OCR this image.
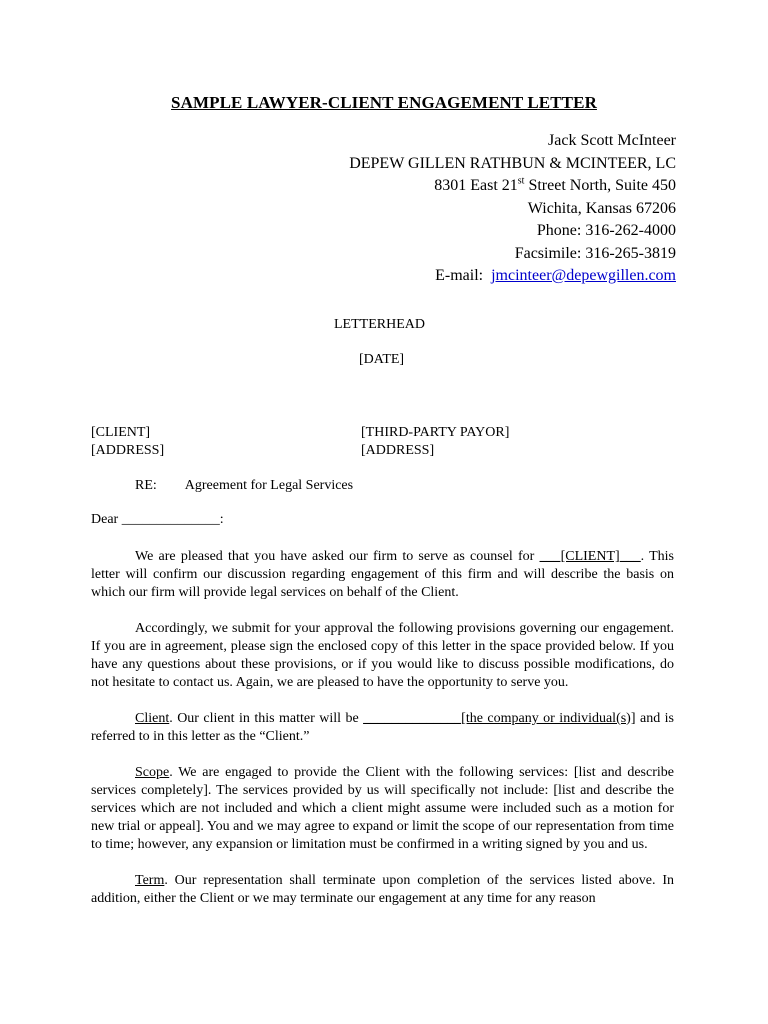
SAMPLE LAWYER-CLIENT ENGAGEMENT LETTER
Jack Scott McInteer
DEPEW GILLEN RATHBUN & MCINTEER, LC
8301 East 21st Street North, Suite 450
Wichita, Kansas 67206
Phone: 316-262-4000
Facsimile: 316-265-3819
E-mail:  jmcinteer@depewgillen.com
LETTERHEAD
[DATE]
[CLIENT]
[ADDRESS]
[THIRD-PARTY PAYOR]
[ADDRESS]
RE: Agreement for Legal Services
Dear ______________:

We are pleased that you have asked our firm to serve as counsel for ___[CLIENT]___. This letter will confirm our discussion regarding engagement of this firm and will describe the basis on which our firm will provide legal services on behalf of the Client.

Accordingly, we submit for your approval the following provisions governing our engagement. If you are in agreement, please sign the enclosed copy of this letter in the space provided below. If you have any questions about these provisions, or if you would like to discuss possible modifications, do not hesitate to contact us. Again, we are pleased to have the opportunity to serve you.

Client. Our client in this matter will be ______________[the company or individual(s)] and is referred to in this letter as the “Client.”

Scope. We are engaged to provide the Client with the following services: [list and describe services completely]. The services provided by us will specifically not include: [list and describe the services which are not included and which a client might assume were included such as a motion for new trial or appeal]. You and we may agree to expand or limit the scope of our representation from time to time; however, any expansion or limitation must be confirmed in a writing signed by you and us.

Term. Our representation shall terminate upon completion of the services listed above. In addition, either the Client or we may terminate our engagement at any time for any reason
